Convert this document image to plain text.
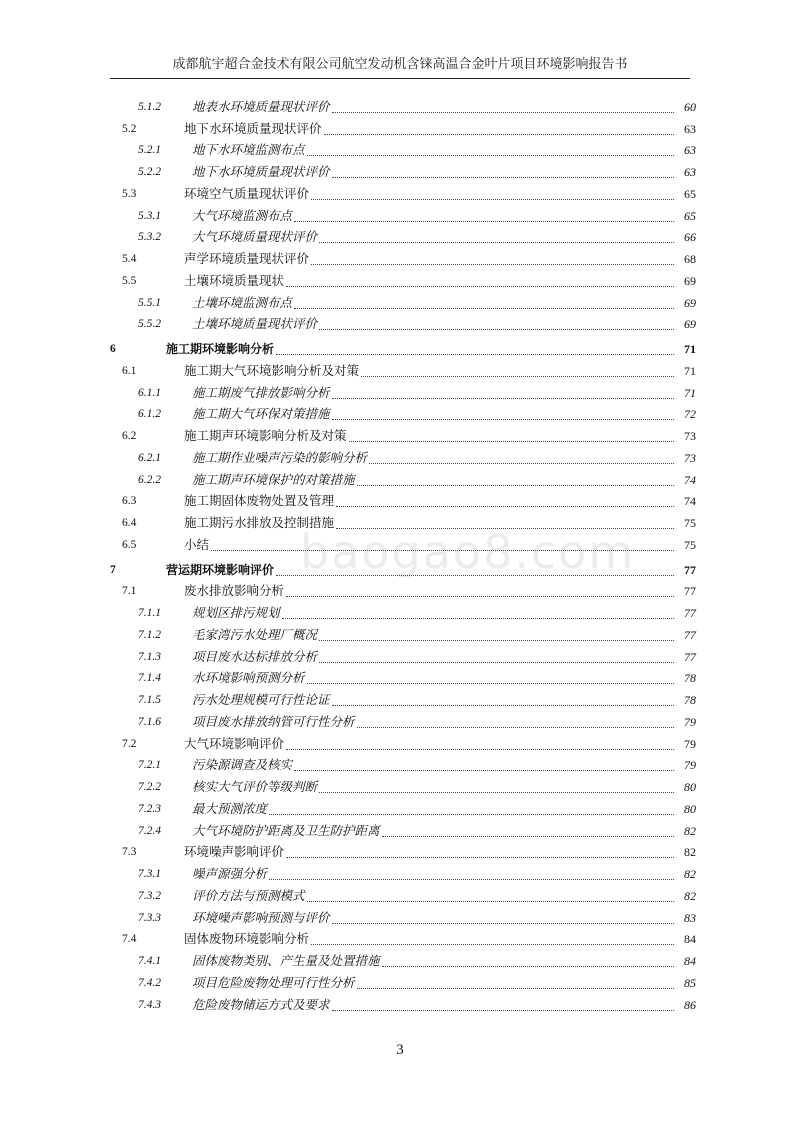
成都航宇超合金技术有限公司航空发动机含铼高温合金叶片项目环境影响报告书
baogao8.com
5.1.2	地表水环境质量现状评价	60
5.2	地下水环境质量现状评价	63
5.2.1	地下水环境监测布点	63
5.2.2	地下水环境质量现状评价	63
5.3	环境空气质量现状评价	65
5.3.1	大气环境监测布点	65
5.3.2	大气环境质量现状评价	66
5.4	声学环境质量现状评价	68
5.5	土壤环境质量现状	69
5.5.1	土壤环境监测布点	69
5.5.2	土壤环境质量现状评价	69
6	施工期环境影响分析	71
6.1	施工期大气环境影响分析及对策	71
6.1.1	施工期废气排放影响分析	71
6.1.2	施工期大气环保对策措施	72
6.2	施工期声环境影响分析及对策	73
6.2.1	施工期作业噪声污染的影响分析	73
6.2.2	施工期声环境保护的对策措施	74
6.3	施工期固体废物处置及管理	74
6.4	施工期污水排放及控制措施	75
6.5	小结	75
7	营运期环境影响评价	77
7.1	废水排放影响分析	77
7.1.1	规划区排污规划	77
7.1.2	毛家湾污水处理厂概况	77
7.1.3	项目废水达标排放分析	77
7.1.4	水环境影响预测分析	78
7.1.5	污水处理规模可行性论证	78
7.1.6	项目废水排放纳管可行性分析	79
7.2	大气环境影响评价	79
7.2.1	污染源调查及核实	79
7.2.2	核实大气评价等级判断	80
7.2.3	最大预测浓度	80
7.2.4	大气环境防护距离及卫生防护距离	82
7.3	环境噪声影响评价	82
7.3.1	噪声源强分析	82
7.3.2	评价方法与预测模式	82
7.3.3	环境噪声影响预测与评价	83
7.4	固体废物环境影响分析	84
7.4.1	固体废物类别、产生量及处置措施	84
7.4.2	项目危险废物处理可行性分析	85
7.4.3	危险废物储运方式及要求	86
3
